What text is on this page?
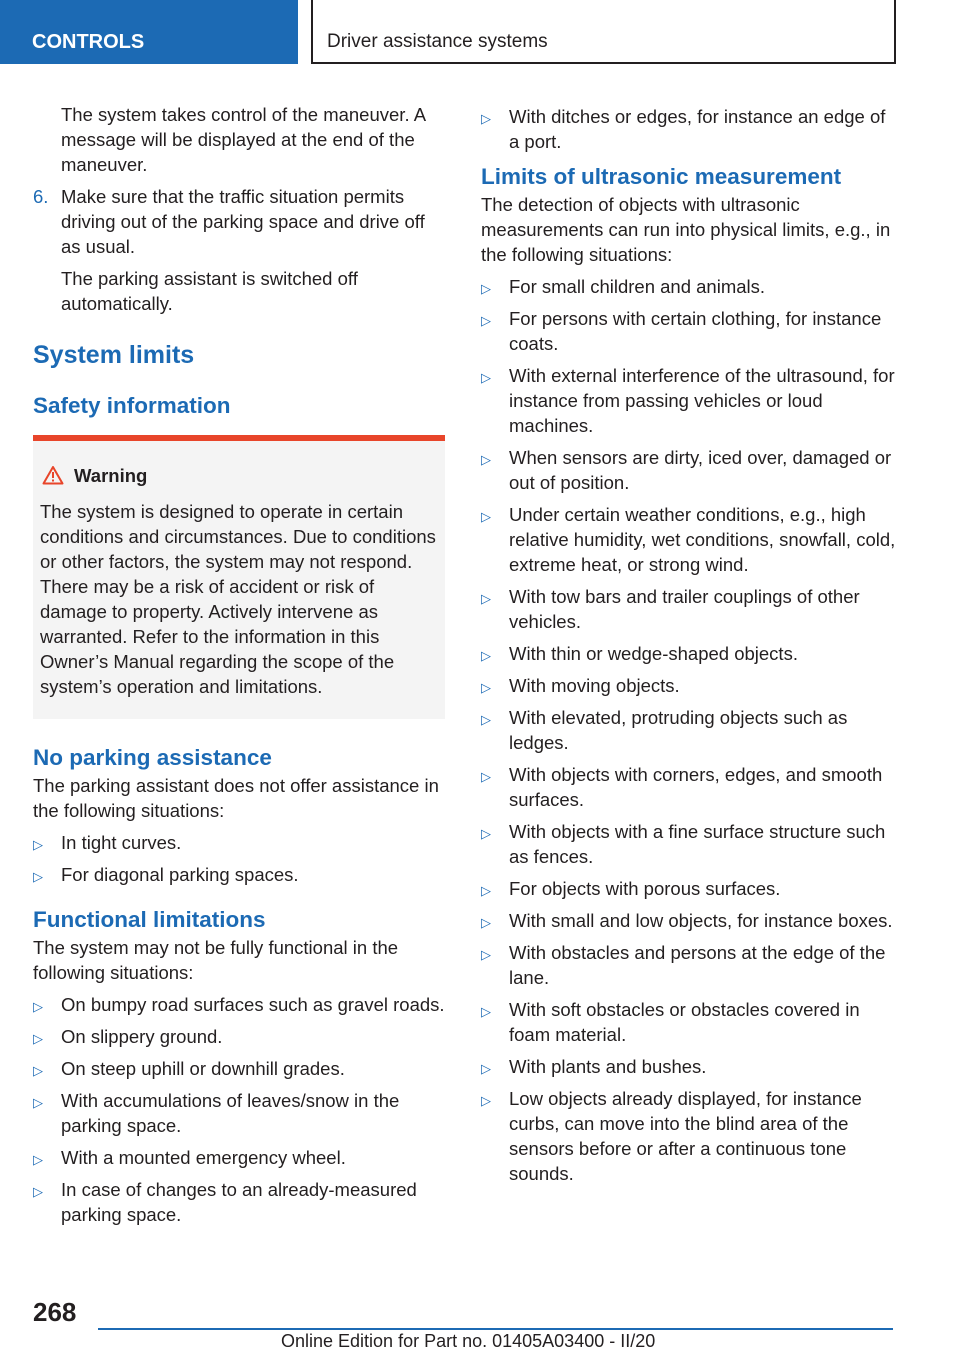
CONTROLS	Driver assistance systems

The system takes control of the maneuver. A message will be displayed at the end of the maneuver.

6. Make sure that the traffic situation permits driving out of the parking space and drive off as usual.

The parking assistant is switched off automatically.

System limits
Safety information

Warning

The system is designed to operate in certain conditions and circumstances. Due to conditions or other factors, the system may not respond. There may be a risk of accident or risk of damage to property. Actively intervene as warranted. Refer to the information in this Owner’s Manual regarding the scope of the system’s operation and limitations.

No parking assistance

The parking assistant does not offer assistance in the following situations:

▷ In tight curves.
▷ For diagonal parking spaces.
Functional limitations

The system may not be fully functional in the following situations:

▷ On bumpy road surfaces such as gravel roads.
▷ On slippery ground.
▷ On steep uphill or downhill grades.
▷ With accumulations of leaves/snow in the parking space.
▷ With a mounted emergency wheel.
▷ In case of changes to an already-measured parking space.
▷ With ditches or edges, for instance an edge of a port.
Limits of ultrasonic measurement

The detection of objects with ultrasonic measurements can run into physical limits, e.g., in the following situations:

▷ For small children and animals.
▷ For persons with certain clothing, for instance coats.
▷ With external interference of the ultrasound, for instance from passing vehicles or loud machines.
▷ When sensors are dirty, iced over, damaged or out of position.
▷ Under certain weather conditions, e.g., high relative humidity, wet conditions, snowfall, cold, extreme heat, or strong wind.
▷ With tow bars and trailer couplings of other vehicles.
▷ With thin or wedge-shaped objects.
▷ With moving objects.
▷ With elevated, protruding objects such as ledges.
▷ With objects with corners, edges, and smooth surfaces.
▷ With objects with a fine surface structure such as fences.
▷ For objects with porous surfaces.
▷ With small and low objects, for instance boxes.
▷ With obstacles and persons at the edge of the lane.
▷ With soft obstacles or obstacles covered in foam material.
▷ With plants and bushes.
▷ Low objects already displayed, for instance curbs, can move into the blind area of the sensors before or after a continuous tone sounds.
268
Online Edition for Part no. 01405A03400 - II/20
